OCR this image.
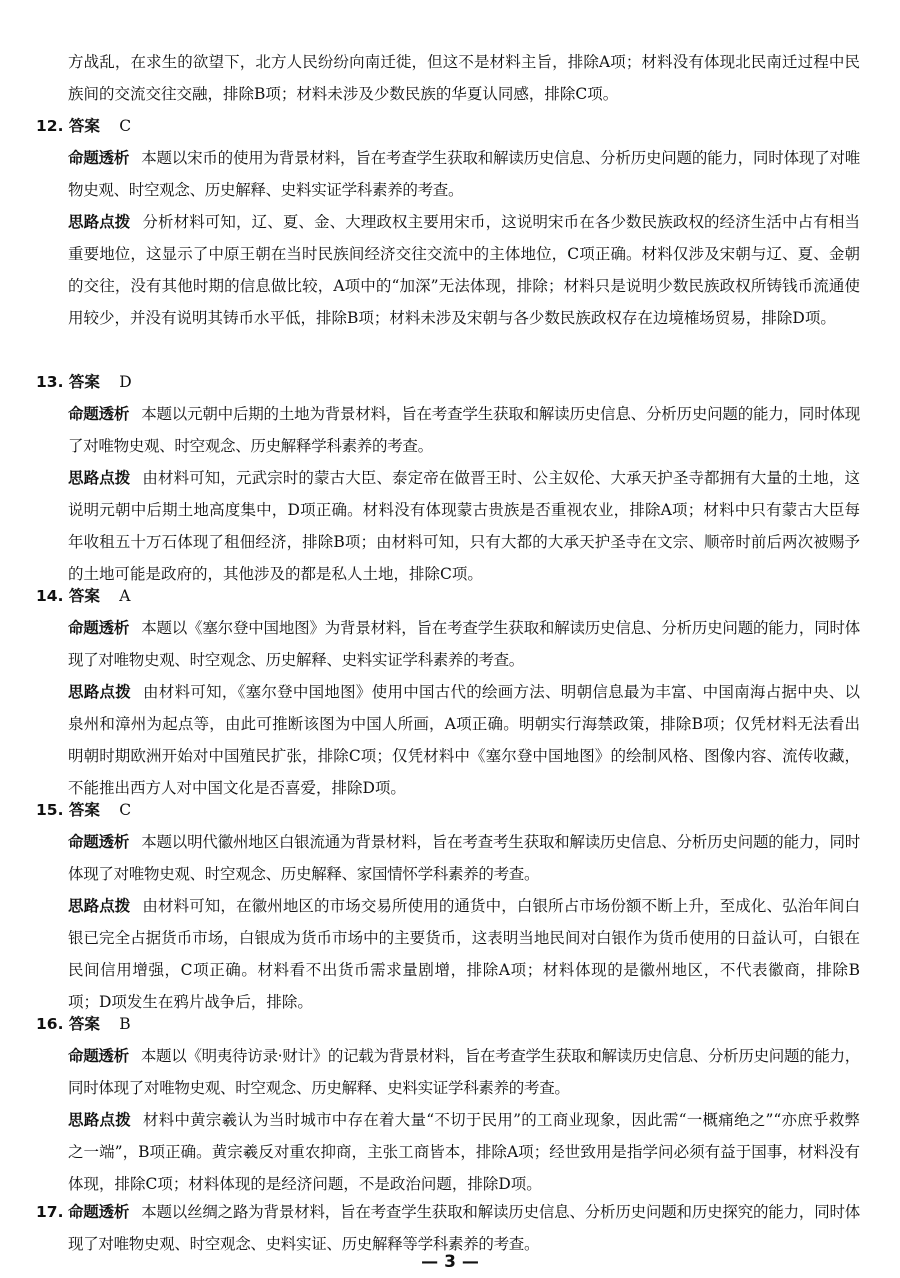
方战乱，在求生的欲望下，北方人民纷纷向南迁徙，但这不是材料主旨，排除A项；材料没有体现北民南迁过程中民族间的交流交往交融，排除B项；材料未涉及少数民族的华夏认同感，排除C项。
12. 答案 C
命题透析 本题以宋币的使用为背景材料，旨在考查学生获取和解读历史信息、分析历史问题的能力，同时体现了对唯物史观、时空观念、历史解释、史料实证学科素养的考查。
思路点拨 分析材料可知，辽、夏、金、大理政权主要用宋币，这说明宋币在各少数民族政权的经济生活中占有相当重要地位，这显示了中原王朝在当时民族间经济交往交流中的主体地位，C项正确。材料仅涉及宋朝与辽、夏、金朝的交往，没有其他时期的信息做比较，A项中的“加深”无法体现，排除；材料只是说明少数民族政权所铸钱币流通使用较少，并没有说明其铸币水平低，排除B项；材料未涉及宋朝与各少数民族政权存在边境榷场贸易，排除D项。
13. 答案 D
命题透析 本题以元朝中后期的土地为背景材料，旨在考查学生获取和解读历史信息、分析历史问题的能力，同时体现了对唯物史观、时空观念、历史解释学科素养的考查。
思路点拨 由材料可知，元武宗时的蒙古大臣、泰定帝在做晋王时、公主奴伦、大承天护圣寺都拥有大量的土地，这说明元朝中后期土地高度集中，D项正确。材料没有体现蒙古贵族是否重视农业，排除A项；材料中只有蒙古大臣每年收租五十万石体现了租佃经济，排除B项；由材料可知，只有大都的大承天护圣寺在文宗、顺帝时前后两次被赐予的土地可能是政府的，其他涉及的都是私人土地，排除C项。
14. 答案 A
命题透析 本题以《塞尔登中国地图》为背景材料，旨在考查学生获取和解读历史信息、分析历史问题的能力，同时体现了对唯物史观、时空观念、历史解释、史料实证学科素养的考查。
思路点拨 由材料可知，《塞尔登中国地图》使用中国古代的绘画方法、明朝信息最为丰富、中国南海占据中央、以泉州和漳州为起点等，由此可推断该图为中国人所画，A项正确。明朝实行海禁政策，排除B项；仅凭材料无法看出明朝时期欧洲开始对中国殖民扩张，排除C项；仅凭材料中《塞尔登中国地图》的绘制风格、图像内容、流传收藏，不能推出西方人对中国文化是否喜爱，排除D项。
15. 答案 C
命题透析 本题以明代徽州地区白银流通为背景材料，旨在考查考生获取和解读历史信息、分析历史问题的能力，同时体现了对唯物史观、时空观念、历史解释、家国情怀学科素养的考查。
思路点拨 由材料可知，在徽州地区的市场交易所使用的通货中，白银所占市场份额不断上升，至成化、弘治年间白银已完全占据货币市场，白银成为货币市场中的主要货币，这表明当地民间对白银作为货币使用的日益认可，白银在民间信用增强，C项正确。材料看不出货币需求量剧增，排除A项；材料体现的是徽州地区，不代表徽商，排除B项；D项发生在鸦片战争后，排除。
16. 答案 B
命题透析 本题以《明夷待访录·财计》的记载为背景材料，旨在考查学生获取和解读历史信息、分析历史问题的能力，同时体现了对唯物史观、时空观念、历史解释、史料实证学科素养的考查。
思路点拨 材料中黄宗羲认为当时城市中存在着大量“不切于民用”的工商业现象，因此需“一概痛绝之”“亦庶乎救弊之一端”，B项正确。黄宗羲反对重农抑商，主张工商皆本，排除A项；经世致用是指学问必须有益于国事，材料没有体现，排除C项；材料体现的是经济问题，不是政治问题，排除D项。
17. 命题透析 本题以丝绸之路为背景材料，旨在考查学生获取和解读历史信息、分析历史问题和历史探究的能力，同时体现了对唯物史观、时空观念、史料实证、历史解释等学科素养的考查。
— 3 —
